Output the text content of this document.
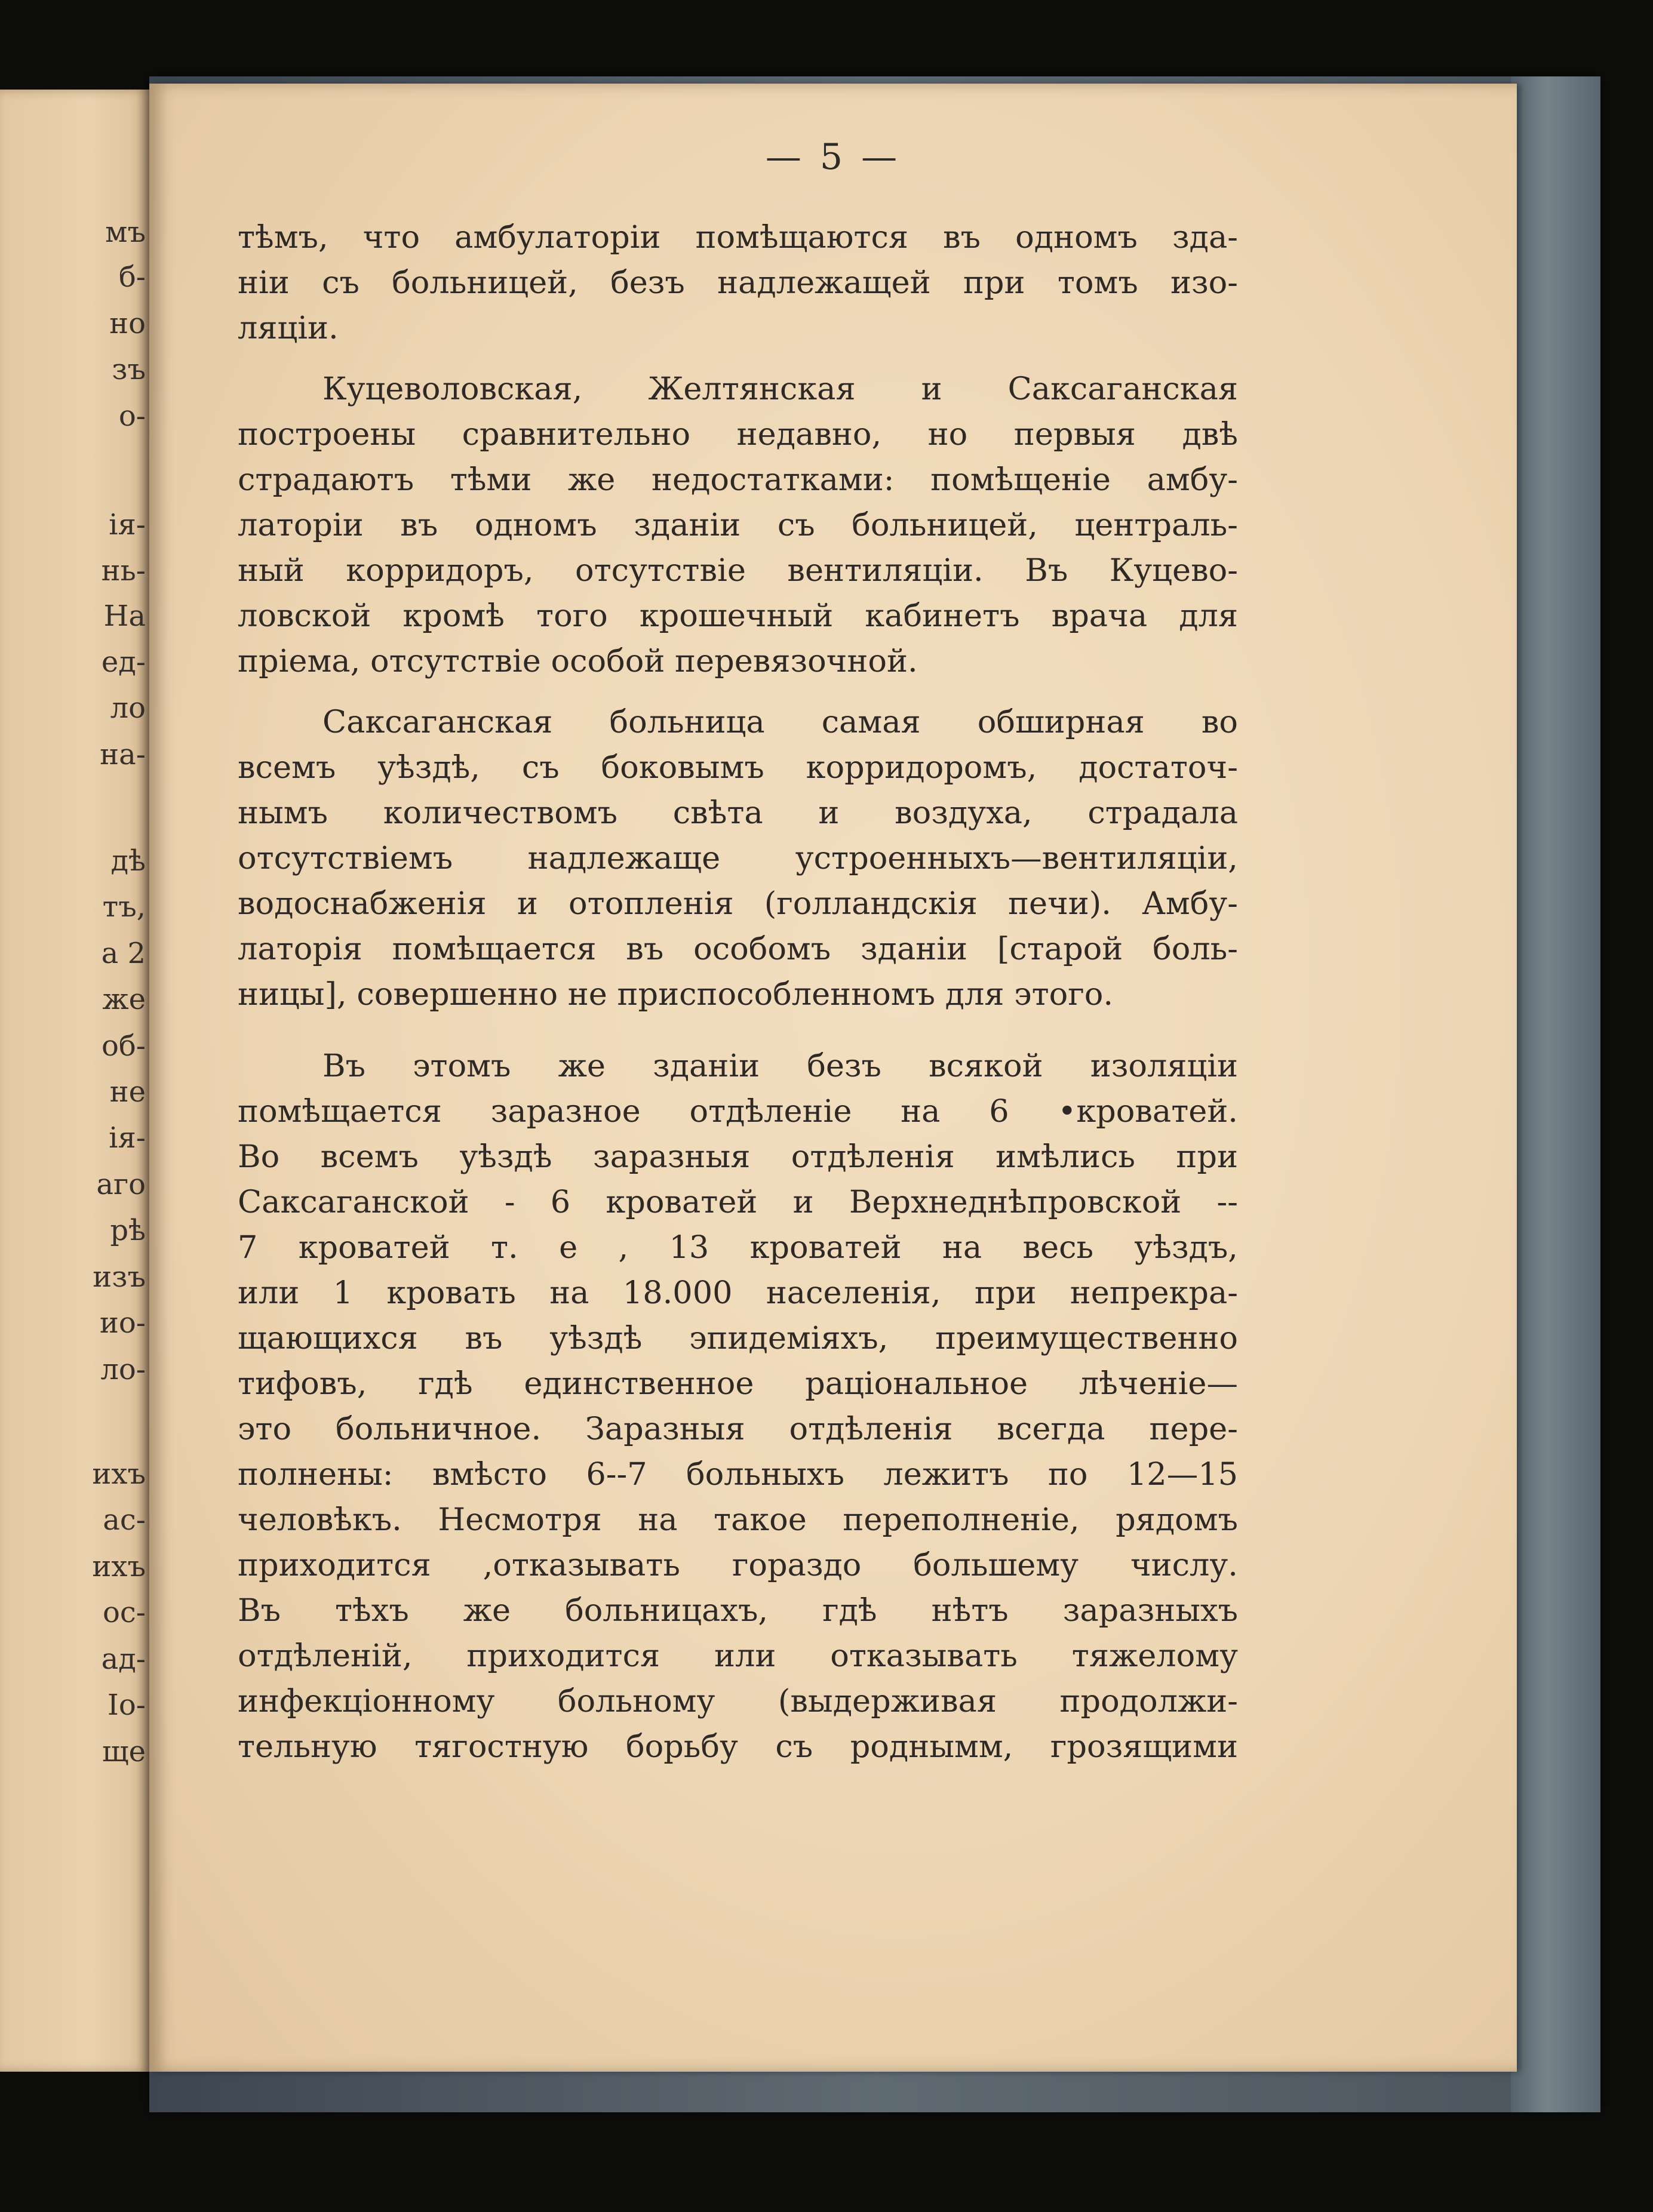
мъ
б-
но
зъ
о-
ія-
нь-
На
ед-
ло
на-
дѣ
тъ,
а 2
же
об-
не
ія-
аго
рѣ
изъ
ио-
ло-
ихъ
ас-
ихъ
ос-
ад-
Io-
ще
— 5 —
тѣмъ, что амбулаторіи помѣщаются въ одномъ зда-
ніи съ больницей, безъ надлежащей при томъ изо-
ляціи.
Куцеволовская, Желтянская и Саксаганская
построены сравнительно недавно, но первыя двѣ
страдаютъ тѣми же недостатками: помѣщеніе амбу-
латоріи въ одномъ зданіи съ больницей, централь-
ный корридоръ, отсутствіе вентиляціи. Въ Куцево-
ловской кромѣ того крошечный кабинетъ врача для
пріема, отсутствіе особой перевязочной.
Саксаганская больница самая обширная во
всемъ уѣздѣ, съ боковымъ корридоромъ, достаточ-
нымъ количествомъ свѣта и воздуха, страдала
отсутствіемъ надлежаще устроенныхъ—вентиляціи,
водоснабженія и отопленія (голландскія печи). Амбу-
латорія помѣщается въ особомъ зданіи [старой боль-
ницы], совершенно не приспособленномъ для этого.
Въ этомъ же зданіи безъ всякой изоляціи
помѣщается заразное отдѣленіе на 6 •кроватей.
Во всемъ уѣздѣ заразныя отдѣленія имѣлись при
Саксаганской - 6 кроватей и Верхнеднѣпровской --
7 кроватей т. е , 13 кроватей на весь уѣздъ,
или 1 кровать на 18.000 населенія, при непрекра-
щающихся въ уѣздѣ эпидеміяхъ, преимущественно
тифовъ, гдѣ единственное раціональное лѣченіе—
это больничное. Заразныя отдѣленія всегда пере-
полнены: вмѣсто 6--7 больныхъ лежитъ по 12—15
человѣкъ. Несмотря на такое переполненіе, рядомъ
приходится ,отказывать гораздо большему числу.
Въ тѣхъ же больницахъ, гдѣ нѣтъ заразныхъ
отдѣленій, приходится или отказывать тяжелому
инфекціонному больному (выдерживая продолжи-
тельную тягостную борьбу съ роднымм, грозящими
